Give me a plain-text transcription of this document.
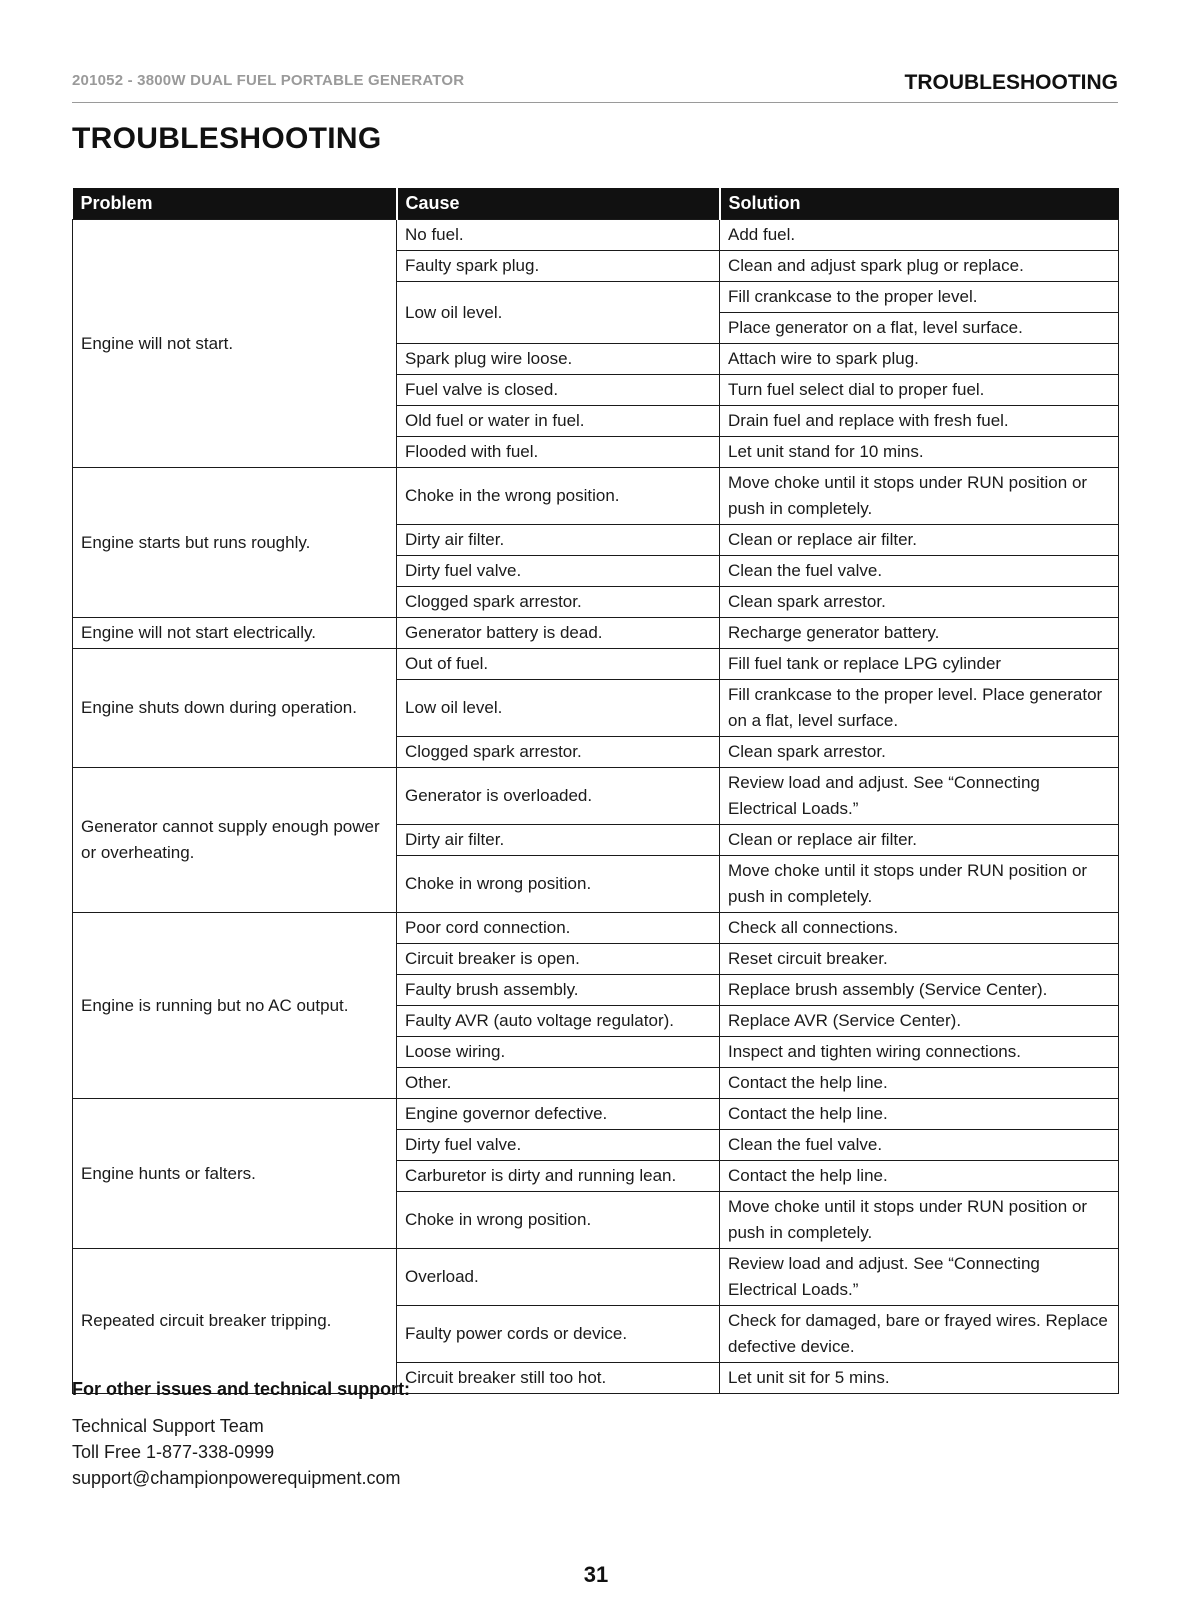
201052 - 3800W DUAL FUEL PORTABLE GENERATOR	TROUBLESHOOTING
TROUBLESHOOTING
Problem	Cause	Solution
Engine will not start.	No fuel.	Add fuel.
	Faulty spark plug.	Clean and adjust spark plug or replace.
	Low oil level.	Fill crankcase to the proper level.
		Place generator on a flat, level surface.
	Spark plug wire loose.	Attach wire to spark plug.
	Fuel valve is closed.	Turn fuel select dial to proper fuel.
	Old fuel or water in fuel.	Drain fuel and replace with fresh fuel.
	Flooded with fuel.	Let unit stand for 10 mins.
Engine starts but runs roughly.	Choke in the wrong position.	Move choke until it stops under RUN position or push in completely.
	Dirty air filter.	Clean or replace air filter.
	Dirty fuel valve.	Clean the fuel valve.
	Clogged spark arrestor.	Clean spark arrestor.
Engine will not start electrically.	Generator battery is dead.	Recharge generator battery.
Engine shuts down during operation.	Out of fuel.	Fill fuel tank or replace LPG cylinder
	Low oil level.	Fill crankcase to the proper level. Place generator on a flat, level surface.
	Clogged spark arrestor.	Clean spark arrestor.
Generator cannot supply enough power or overheating.	Generator is overloaded.	Review load and adjust. See “Connecting Electrical Loads.”
	Dirty air filter.	Clean or replace air filter.
	Choke in wrong position.	Move choke until it stops under RUN position or push in completely.
Engine is running but no AC output.	Poor cord connection.	Check all connections.
	Circuit breaker is open.	Reset circuit breaker.
	Faulty brush assembly.	Replace brush assembly (Service Center).
	Faulty AVR (auto voltage regulator).	Replace AVR (Service Center).
	Loose wiring.	Inspect and tighten wiring connections.
	Other.	Contact the help line.
Engine hunts or falters.	Engine governor defective.	Contact the help line.
	Dirty fuel valve.	Clean the fuel valve.
	Carburetor is dirty and running lean.	Contact the help line.
	Choke in wrong position.	Move choke until it stops under RUN position or push in completely.
Repeated circuit breaker tripping.	Overload.	Review load and adjust. See “Connecting Electrical Loads.”
	Faulty power cords or device.	Check for damaged, bare or frayed wires. Replace defective device.
	Circuit breaker still too hot.	Let unit sit for 5 mins.
For other issues and technical support:
Technical Support Team
Toll Free 1-877-338-0999
support@championpowerequipment.com
31
